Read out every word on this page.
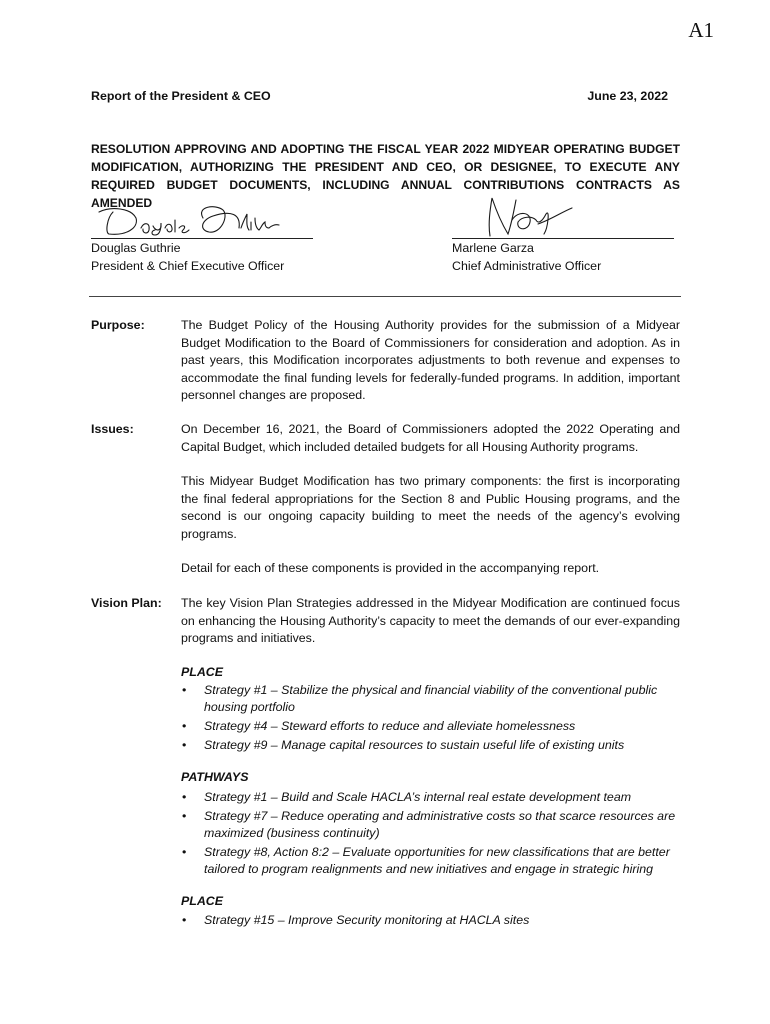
A1
Report of the President & CEO	June 23, 2022
RESOLUTION APPROVING AND ADOPTING THE FISCAL YEAR 2022 MIDYEAR OPERATING BUDGET MODIFICATION, AUTHORIZING THE PRESIDENT AND CEO, OR DESIGNEE, TO EXECUTE ANY REQUIRED BUDGET DOCUMENTS, INCLUDING ANNUAL CONTRIBUTIONS CONTRACTS AS AMENDED
Douglas Guthrie
President & Chief Executive Officer
Marlene Garza
Chief Administrative Officer
Purpose:	The Budget Policy of the Housing Authority provides for the submission of a Midyear Budget Modification to the Board of Commissioners for consideration and adoption. As in past years, this Modification incorporates adjustments to both revenue and expenses to accommodate the final funding levels for federally-funded programs. In addition, important personnel changes are proposed.
Issues:	On December 16, 2021, the Board of Commissioners adopted the 2022 Operating and Capital Budget, which included detailed budgets for all Housing Authority programs.
This Midyear Budget Modification has two primary components: the first is incorporating the final federal appropriations for the Section 8 and Public Housing programs, and the second is our ongoing capacity building to meet the needs of the agency’s evolving programs.
Detail for each of these components is provided in the accompanying report.
Vision Plan: The key Vision Plan Strategies addressed in the Midyear Modification are continued focus on enhancing the Housing Authority’s capacity to meet the demands of our ever-expanding programs and initiatives.
PLACE
• Strategy #1 – Stabilize the physical and financial viability of the conventional public housing portfolio
• Strategy #4 – Steward efforts to reduce and alleviate homelessness
• Strategy #9 – Manage capital resources to sustain useful life of existing units
PATHWAYS
• Strategy #1 – Build and Scale HACLA’s internal real estate development team
• Strategy #7 – Reduce operating and administrative costs so that scarce resources are maximized (business continuity)
• Strategy #8, Action 8:2 – Evaluate opportunities for new classifications that are better tailored to program realignments and new initiatives and engage in strategic hiring
PLACE
• Strategy #15 – Improve Security monitoring at HACLA sites
